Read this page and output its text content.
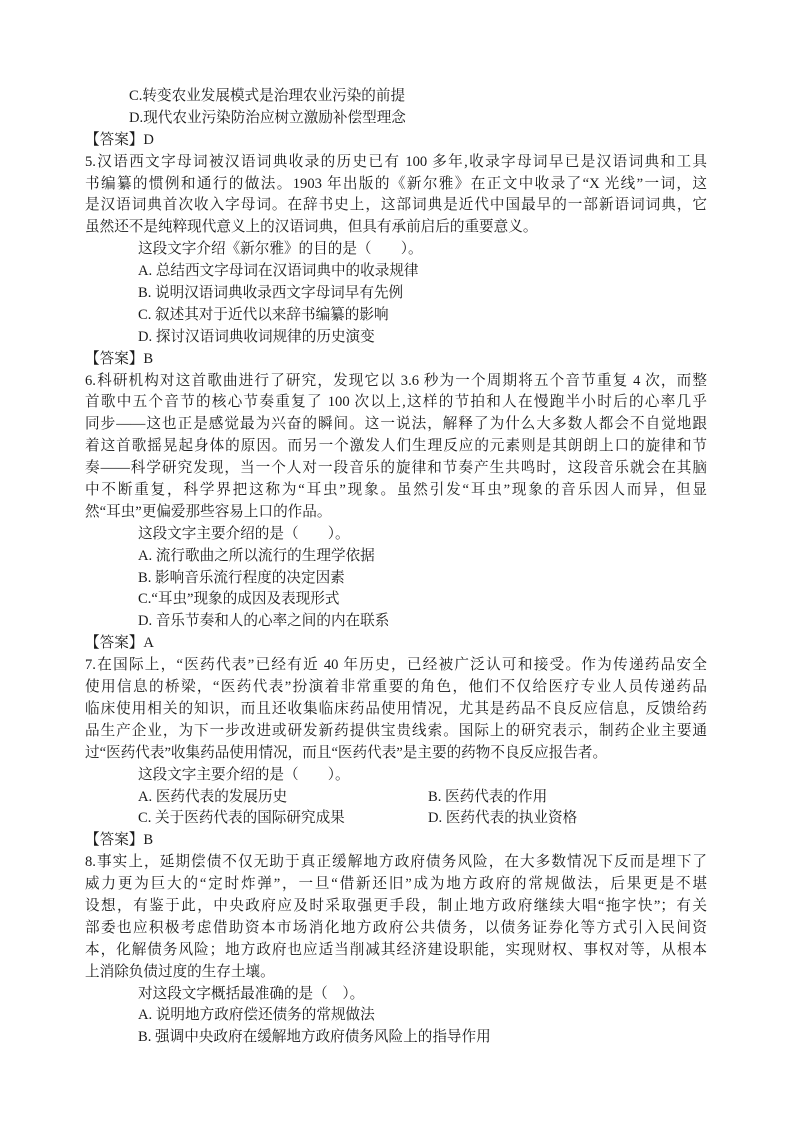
C.转变农业发展模式是治理农业污染的前提
D.现代农业污染防治应树立激励补偿型理念
【答案】D
5.汉语西文字母词被汉语词典收录的历史已有 100 多年,收录字母词早已是汉语词典和工具
书编纂的惯例和通行的做法。1903 年出版的《新尔雅》在正文中收录了“X 光线”一词，这
是汉语词典首次收入字母词。在辞书史上，这部词典是近代中国最早的一部新语词词典，它
虽然还不是纯粹现代意义上的汉语词典，但具有承前启后的重要意义。
这段文字介绍《新尔雅》的目的是（　　）。
A. 总结西文字母词在汉语词典中的收录规律
B. 说明汉语词典收录西文字母词早有先例
C. 叙述其对于近代以来辞书编纂的影响
D. 探讨汉语词典收词规律的历史演变
【答案】B
6.科研机构对这首歌曲进行了研究，发现它以 3.6 秒为一个周期将五个音节重复 4 次，而整
首歌中五个音节的核心节奏重复了 100 次以上,这样的节拍和人在慢跑半小时后的心率几乎
同步——这也正是感觉最为兴奋的瞬间。这一说法，解释了为什么大多数人都会不自觉地跟
着这首歌摇晃起身体的原因。而另一个激发人们生理反应的元素则是其朗朗上口的旋律和节
奏——科学研究发现，当一个人对一段音乐的旋律和节奏产生共鸣时，这段音乐就会在其脑
中不断重复，科学界把这称为“耳虫”现象。虽然引发“耳虫”现象的音乐因人而异，但显
然“耳虫”更偏爱那些容易上口的作品。
这段文字主要介绍的是（　　）。
A. 流行歌曲之所以流行的生理学依据
B. 影响音乐流行程度的决定因素
C.“耳虫”现象的成因及表现形式
D. 音乐节奏和人的心率之间的内在联系
【答案】A
7.在国际上，“医药代表”已经有近 40 年历史，已经被广泛认可和接受。作为传递药品安全
使用信息的桥梁，“医药代表”扮演着非常重要的角色，他们不仅给医疗专业人员传递药品
临床使用相关的知识，而且还收集临床药品使用情况，尤其是药品不良反应信息，反馈给药
品生产企业，为下一步改进或研发新药提供宝贵线索。国际上的研究表示，制药企业主要通
过“医药代表”收集药品使用情况，而且“医药代表”是主要的药物不良反应报告者。
这段文字主要介绍的是（　　）。
A. 医药代表的发展历史	B. 医药代表的作用
C. 关于医药代表的国际研究成果	D. 医药代表的执业资格
【答案】B
8.事实上，延期偿债不仅无助于真正缓解地方政府债务风险，在大多数情况下反而是埋下了
威力更为巨大的“定时炸弹”，一旦“借新还旧”成为地方政府的常规做法，后果更是不堪
设想，有鉴于此，中央政府应及时采取强更手段，制止地方政府继续大唱“拖字快”；有关
部委也应积极考虑借助资本市场消化地方政府公共债务，以债务证券化等方式引入民间资
本，化解债务风险；地方政府也应适当削减其经济建设职能，实现财权、事权对等，从根本
上消除负债过度的生存土壤。
对这段文字概括最准确的是（　）。
A. 说明地方政府偿还债务的常规做法
B. 强调中央政府在缓解地方政府债务风险上的指导作用
